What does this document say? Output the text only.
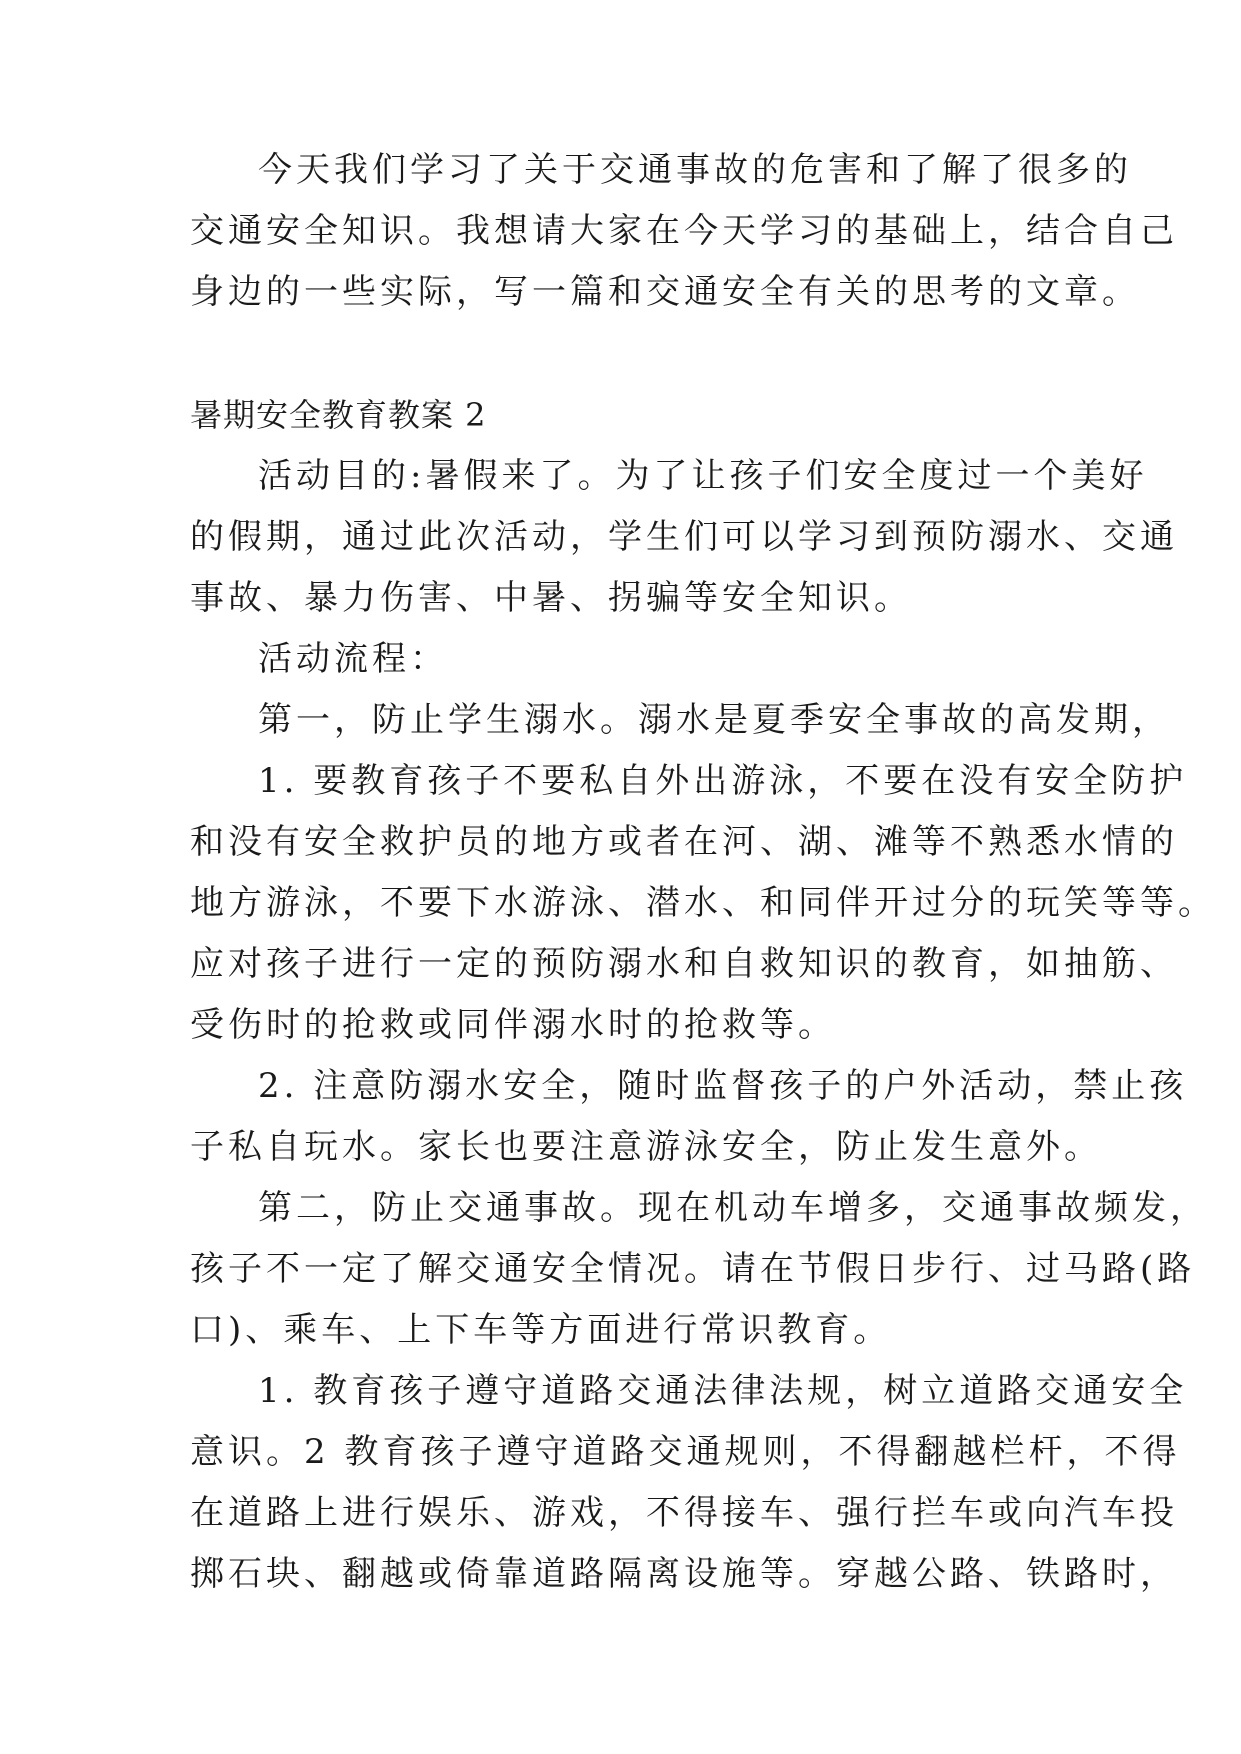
今天我们学习了关于交通事故的危害和了解了很多的
交通安全知识。我想请大家在今天学习的基础上，结合自己
身边的一些实际，写一篇和交通安全有关的思考的文章。
暑期安全教育教案 2
活动目的:暑假来了。为了让孩子们安全度过一个美好
的假期，通过此次活动，学生们可以学习到预防溺水、交通
事故、暴力伤害、中暑、拐骗等安全知识。
活动流程：
第一，防止学生溺水。溺水是夏季安全事故的高发期，
1. 要教育孩子不要私自外出游泳，不要在没有安全防护
和没有安全救护员的地方或者在河、湖、滩等不熟悉水情的
地方游泳，不要下水游泳、潜水、和同伴开过分的玩笑等等。
应对孩子进行一定的预防溺水和自救知识的教育，如抽筋、
受伤时的抢救或同伴溺水时的抢救等。
2. 注意防溺水安全，随时监督孩子的户外活动，禁止孩
子私自玩水。家长也要注意游泳安全，防止发生意外。
第二，防止交通事故。现在机动车增多，交通事故频发，
孩子不一定了解交通安全情况。请在节假日步行、过马路(路
口)、乘车、上下车等方面进行常识教育。
1. 教育孩子遵守道路交通法律法规，树立道路交通安全
意识。2 教育孩子遵守道路交通规则，不得翻越栏杆，不得
在道路上进行娱乐、游戏，不得接车、强行拦车或向汽车投
掷石块、翻越或倚靠道路隔离设施等。穿越公路、铁路时，
